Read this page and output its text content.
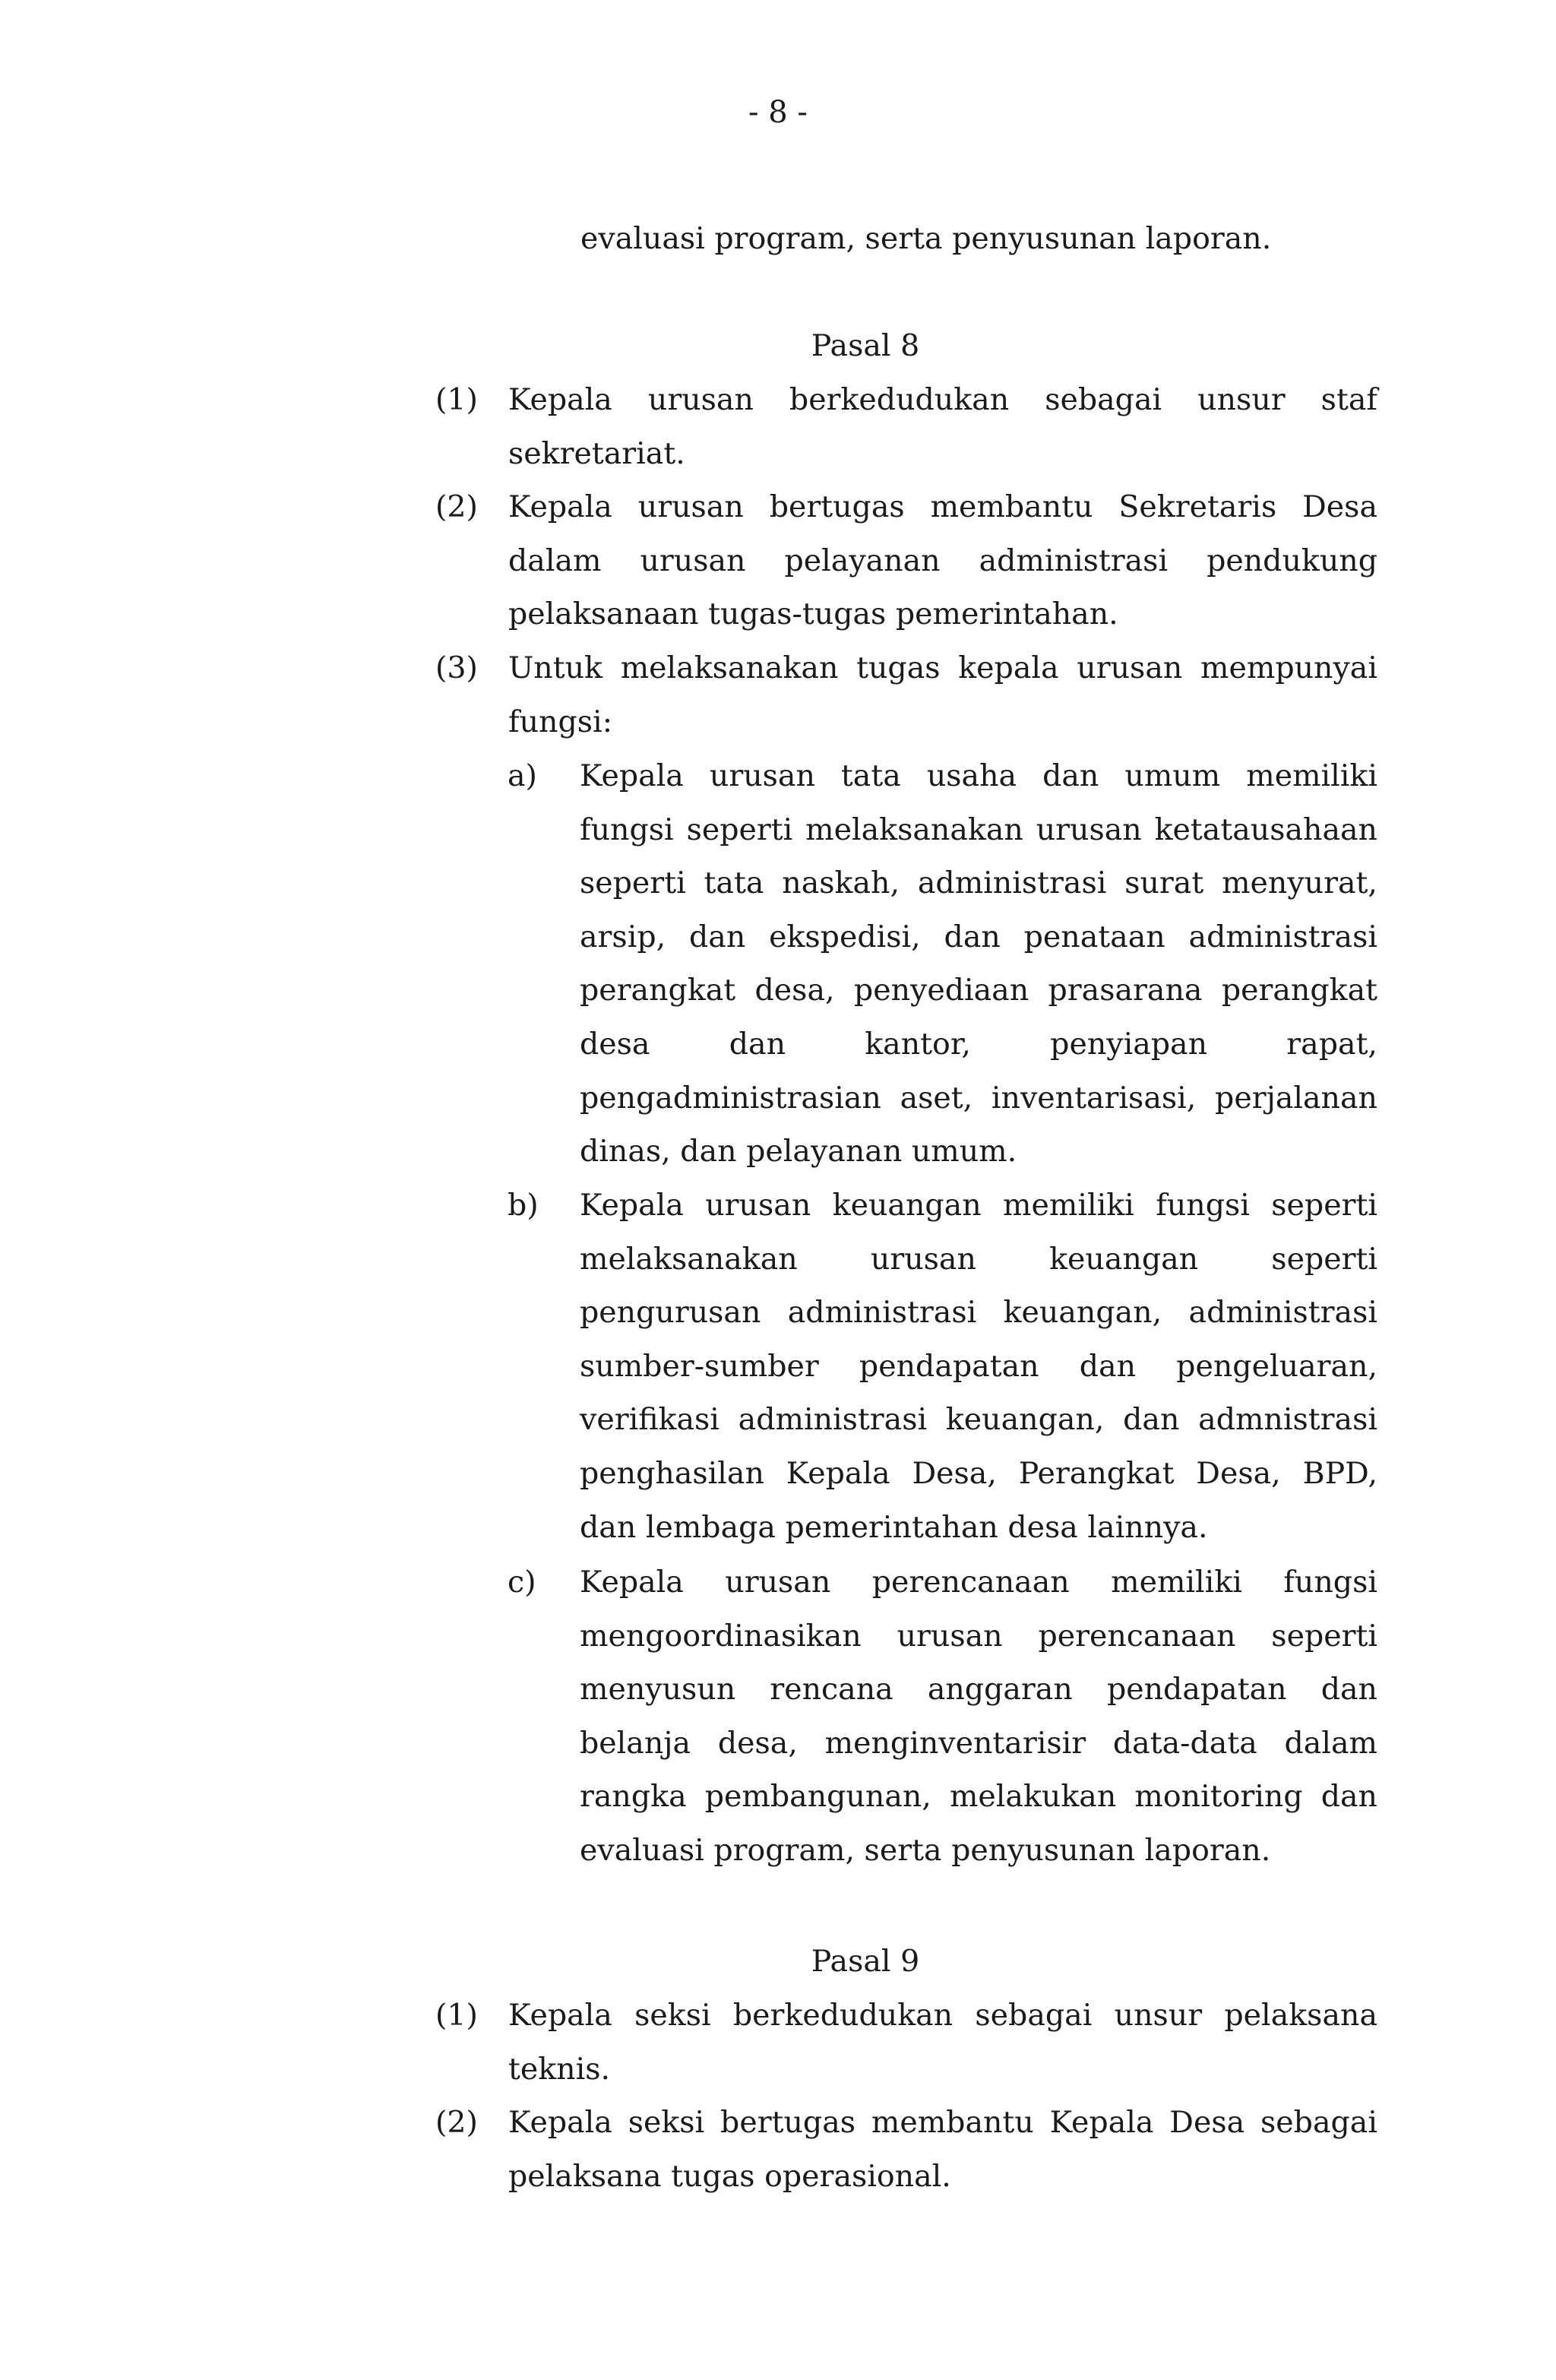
- 8 -
evaluasi program, serta penyusunan laporan.
Pasal 8
(1)	Kepala urusan berkedudukan sebagai unsur staf sekretariat.
(2)	Kepala urusan bertugas membantu Sekretaris Desa dalam urusan pelayanan administrasi pendukung pelaksanaan tugas-tugas pemerintahan.
(3)	Untuk melaksanakan tugas kepala urusan mempunyai fungsi:
a)	Kepala urusan tata usaha dan umum memiliki fungsi seperti melaksanakan urusan ketatausahaan seperti tata naskah, administrasi surat menyurat, arsip, dan ekspedisi, dan penataan administrasi perangkat desa, penyediaan prasarana perangkat desa dan kantor, penyiapan rapat, pengadministrasian aset, inventarisasi, perjalanan dinas, dan pelayanan umum.
b)	Kepala urusan keuangan memiliki fungsi seperti melaksanakan urusan keuangan seperti pengurusan administrasi keuangan, administrasi sumber-sumber pendapatan dan pengeluaran, verifikasi administrasi keuangan, dan admnistrasi penghasilan Kepala Desa, Perangkat Desa, BPD, dan lembaga pemerintahan desa lainnya.
c)	Kepala urusan perencanaan memiliki fungsi mengoordinasikan urusan perencanaan seperti menyusun rencana anggaran pendapatan dan belanja desa, menginventarisir data-data dalam rangka pembangunan, melakukan monitoring dan evaluasi program, serta penyusunan laporan.
Pasal 9
(1)	Kepala seksi berkedudukan sebagai unsur pelaksana teknis.
(2)	Kepala seksi bertugas membantu Kepala Desa sebagai pelaksana tugas operasional.
